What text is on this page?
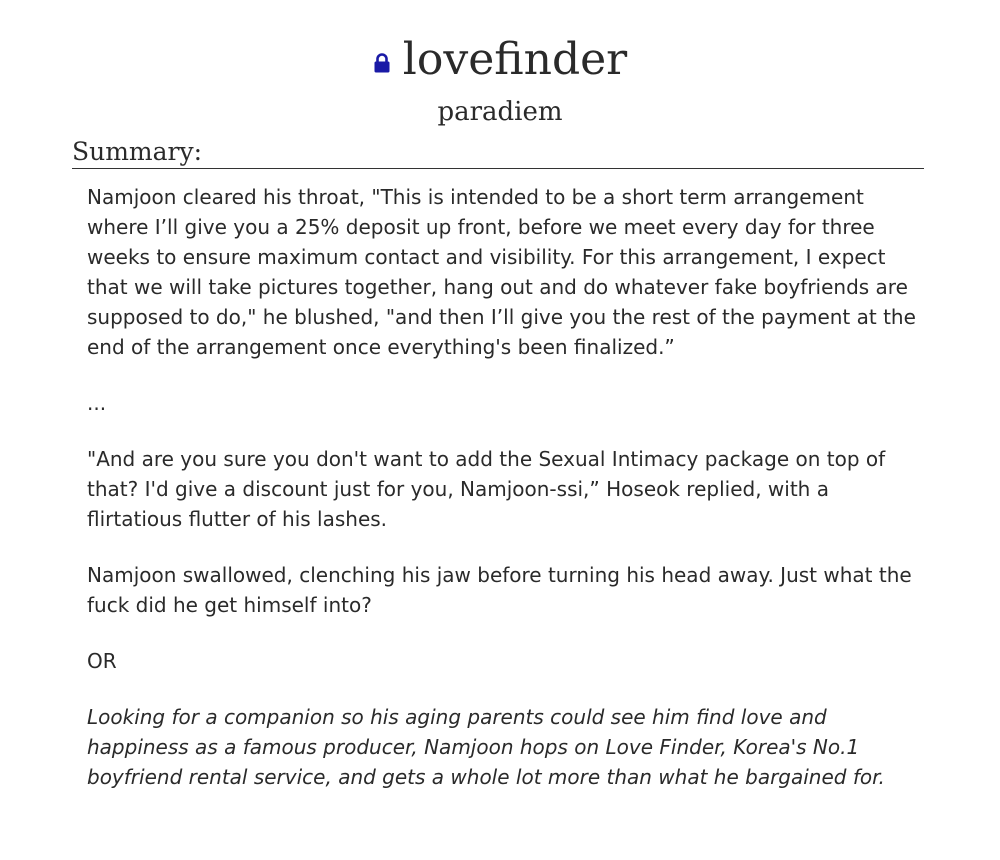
lovefinder
paradiem
Summary:

Namjoon cleared his throat, "This is intended to be a short term arrangement where I’ll give you a 25% deposit up front, before we meet every day for three weeks to ensure maximum contact and visibility. For this arrangement, I expect that we will take pictures together, hang out and do whatever fake boyfriends are supposed to do," he blushed, "and then I’ll give you the rest of the payment at the end of the arrangement once everything's been finalized.”

...

"And are you sure you don't want to add the Sexual Intimacy package on top of that? I'd give a discount just for you, Namjoon-ssi,” Hoseok replied, with a flirtatious flutter of his lashes.

Namjoon swallowed, clenching his jaw before turning his head away. Just what the fuck did he get himself into?

OR

Looking for a companion so his aging parents could see him find love and happiness as a famous producer, Namjoon hops on Love Finder, Korea's No.1 boyfriend rental service, and gets a whole lot more than what he bargained for.
